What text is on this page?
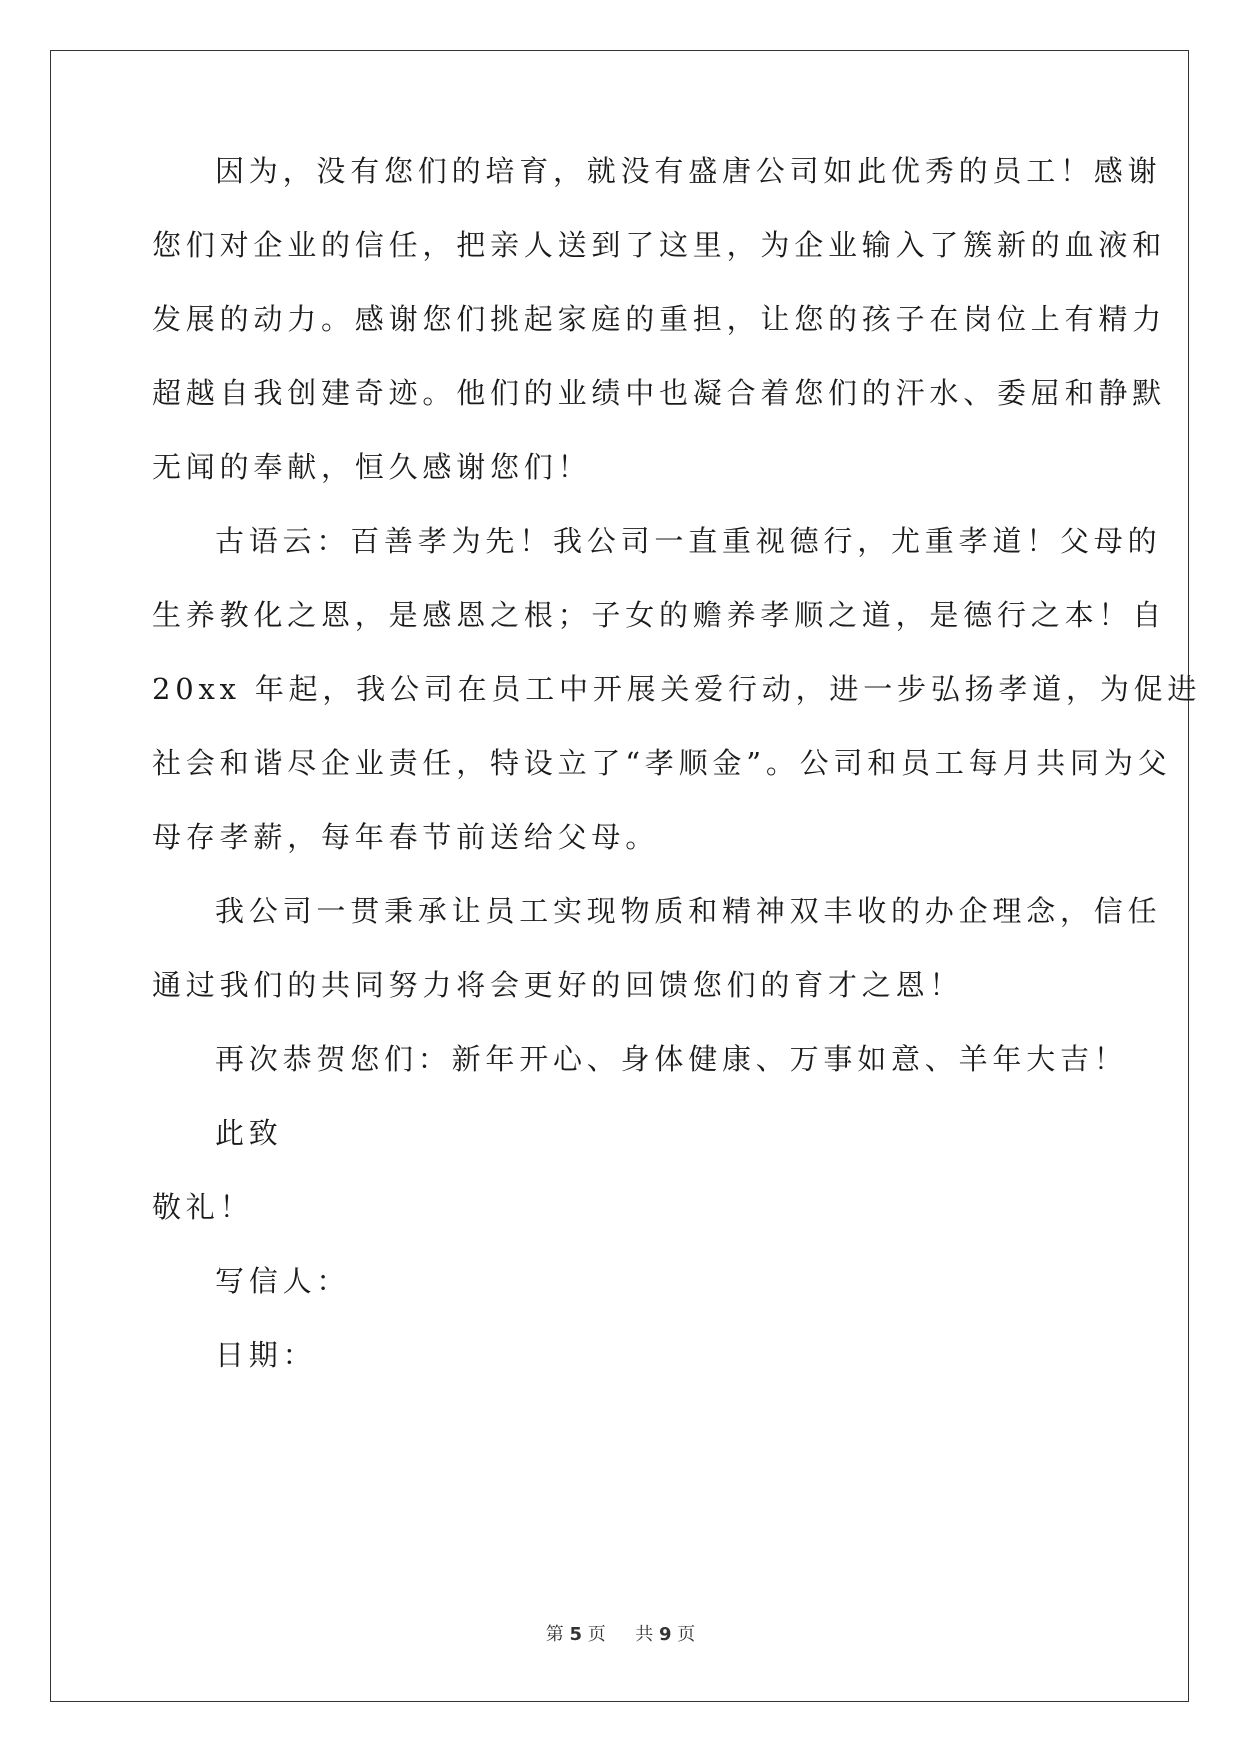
因为，没有您们的培育，就没有盛唐公司如此优秀的员工！感谢
您们对企业的信任，把亲人送到了这里，为企业输入了簇新的血液和
发展的动力。感谢您们挑起家庭的重担，让您的孩子在岗位上有精力
超越自我创建奇迹。他们的业绩中也凝合着您们的汗水、委屈和静默
无闻的奉献，恒久感谢您们！
古语云：百善孝为先！我公司一直重视德行，尤重孝道！父母的
生养教化之恩，是感恩之根；子女的赡养孝顺之道，是德行之本！自
20xx 年起，我公司在员工中开展关爱行动，进一步弘扬孝道，为促进
社会和谐尽企业责任，特设立了“孝顺金”。公司和员工每月共同为父
母存孝薪，每年春节前送给父母。
我公司一贯秉承让员工实现物质和精神双丰收的办企理念，信任
通过我们的共同努力将会更好的回馈您们的育才之恩！
再次恭贺您们：新年开心、身体健康、万事如意、羊年大吉！
此致
敬礼！
写信人：
日期：
第 5 页 共 9 页
